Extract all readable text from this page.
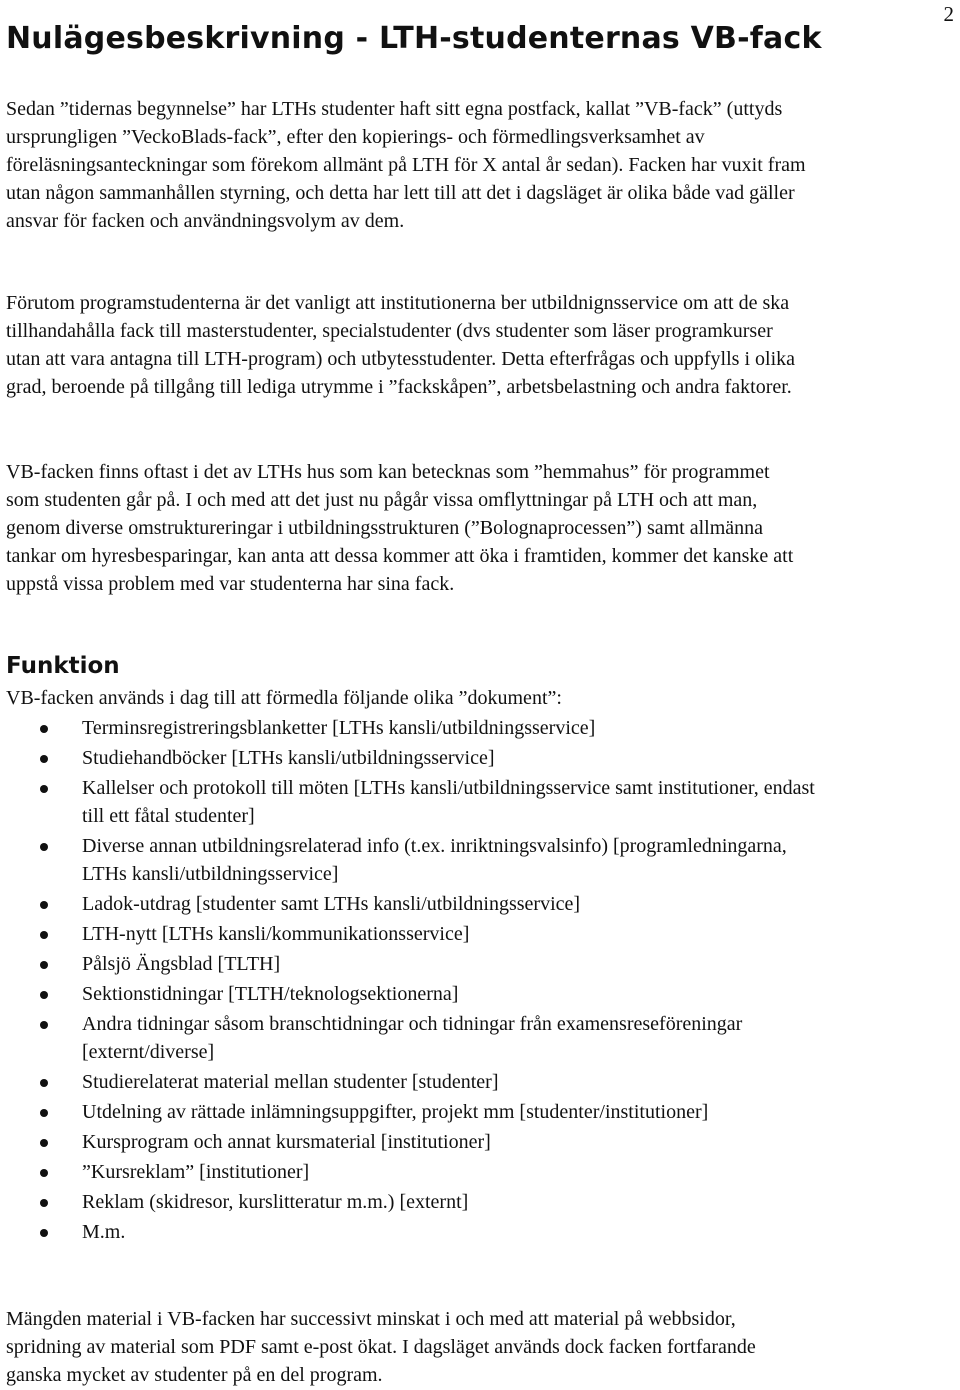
2
Nulägesbeskrivning - LTH-studenternas VB-fack

Sedan ”tidernas begynnelse” har LTHs studenter haft sitt egna postfack, kallat ”VB-fack” (uttyds ursprungligen ”VeckoBlads-fack”, efter den kopierings- och förmedlingsverksamhet av föreläsningsanteckningar som förekom allmänt på LTH för X antal år sedan). Facken har vuxit fram utan någon sammanhållen styrning, och detta har lett till att det i dagsläget är olika både vad gäller ansvar för facken och användningsvolym av dem.

Förutom programstudenterna är det vanligt att institutionerna ber utbildnignsservice om att de ska tillhandahålla fack till masterstudenter, specialstudenter (dvs studenter som läser programkurser utan att vara antagna till LTH-program) och utbytesstudenter. Detta efterfrågas och uppfylls i olika grad, beroende på tillgång till lediga utrymme i ”fackskåpen”, arbetsbelastning och andra faktorer.

VB-facken finns oftast i det av LTHs hus som kan betecknas som ”hemmahus” för programmet som studenten går på. I och med att det just nu pågår vissa omflyttningar på LTH och att man, genom diverse omstruktureringar i utbildningsstrukturen (”Bolognaprocessen”) samt allmänna tankar om hyresbesparingar, kan anta att dessa kommer att öka i framtiden, kommer det kanske att uppstå vissa problem med var studenterna har sina fack.

Funktion

VB-facken används i dag till att förmedla följande olika ”dokument”:

Terminsregistreringsblanketter [LTHs kansli/utbildningsservice]
Studiehandböcker [LTHs kansli/utbildningsservice]
Kallelser och protokoll till möten [LTHs kansli/utbildningsservice samt institutioner, endast till ett fåtal studenter]
Diverse annan utbildningsrelaterad info (t.ex. inriktningsvalsinfo) [programledningarna, LTHs kansli/utbildningsservice]
Ladok-utdrag [studenter samt LTHs kansli/utbildningsservice]
LTH-nytt [LTHs kansli/kommunikationsservice]
Pålsjö Ängsblad [TLTH]
Sektionstidningar [TLTH/teknologsektionerna]
Andra tidningar såsom branschtidningar och tidningar från examensreseföreningar [externt/diverse]
Studierelaterat material mellan studenter [studenter]
Utdelning av rättade inlämningsuppgifter, projekt mm [studenter/institutioner]
Kursprogram och annat kursmaterial [institutioner]
”Kursreklam” [institutioner]
Reklam (skidresor, kurslitteratur m.m.) [externt]
M.m.

Mängden material i VB-facken har successivt minskat i och med att material på webbsidor, spridning av material som PDF samt e-post ökat. I dagsläget används dock facken fortfarande ganska mycket av studenter på en del program.
